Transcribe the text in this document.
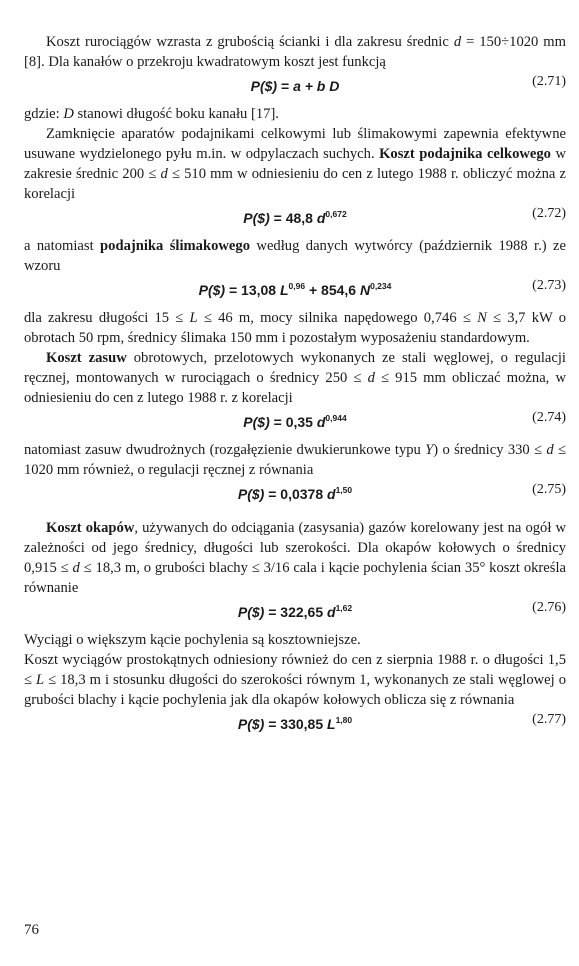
Koszt rurociągów wzrasta z grubością ścianki i dla zakresu średnic d = 150÷1020 mm [8]. Dla kanałów o przekroju kwadratowym koszt jest funkcją

P($) = a + b D	(2.71)

gdzie: D stanowi długość boku kanału [17].

Zamknięcie aparatów podajnikami celkowymi lub ślimakowymi zapewnia efektywne usuwane wydzielonego pyłu m.in. w odpylaczach suchych. Koszt podajnika celkowego w zakresie średnic 200 ≤ d ≤ 510 mm w odniesieniu do cen z lutego 1988 r. obliczyć można z korelacji

P($) = 48,8 $d^{0,672}$	(2.72)

a natomiast podajnika ślimakowego według danych wytwórcy (październik 1988 r.) ze wzoru

P($) = 13,08 L$^{0,96}$ + 854,6 N$^{0,234}$	(2.73)

dla zakresu długości 15 ≤ L ≤ 46 m, mocy silnika napędowego 0,746 ≤ N ≤ 3,7 kW o obrotach 50 rpm, średnicy ślimaka 150 mm i pozostałym wyposażeniu standardowym.

Koszt zasuw obrotowych, przelotowych wykonanych ze stali węglowej, o regulacji ręcznej, montowanych w rurociągach o średnicy 250 ≤ d ≤ 915 mm obliczać można, w odniesieniu do cen z lutego 1988 r. z korelacji

P($) = 0,35 $d^{0,944}$	(2.74)

natomiast zasuw dwudrożnych (rozgałęzienie dwukierunkowe typu Y) o średnicy 330 ≤ d ≤ 1020 mm również, o regulacji ręcznej z równania

P($) = 0,0378 $d^{1,50}$	(2.75)

Koszt okapów, używanych do odciągania (zasysania) gazów korelowany jest na ogół w zależności od jego średnicy, długości lub szerokości. Dla okapów kołowych o średnicy 0,915 ≤ d ≤ 18,3 m, o grubości blachy ≤ 3/16 cala i kącie pochylenia ścian 35° koszt określa równanie

P($) = 322,65 $d^{1,62}$	(2.76)

Wyciągi o większym kącie pochylenia są kosztowniejsze.

Koszt wyciągów prostokątnych odniesiony również do cen z sierpnia 1988 r. o długości 1,5 ≤ L ≤ 18,3 m i stosunku długości do szerokości równym 1, wykonanych ze stali węglowej o grubości blachy i kącie pochylenia jak dla okapów kołowych oblicza się z równania

P($) = 330,85 L$^{1,80}$	(2.77)
76
